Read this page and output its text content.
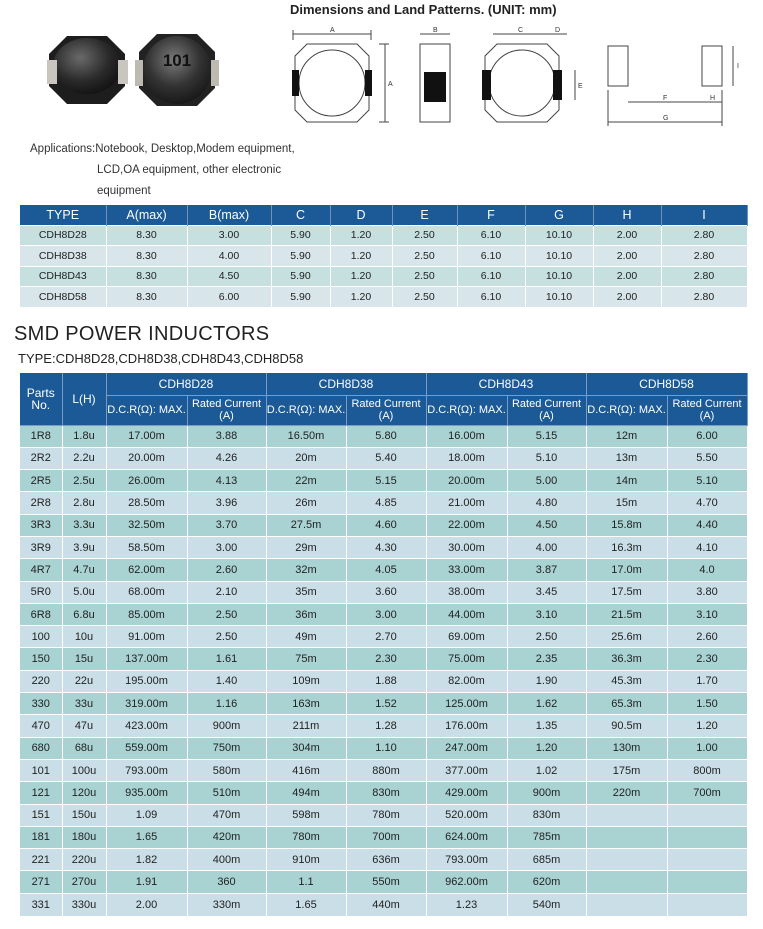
Dimensions and Land Patterns. (UNIT: mm)
101
A
A
B	C	D
E
F
G
H
I
Applications:Notebook, Desktop,Modem equipment,
LCD,OA equipment, other electronic
equipment
TYPE	A(max)	B(max)	C	D	E	F	G	H	I
CDH8D28	8.30	3.00	5.90	1.20	2.50	6.10	10.10	2.00	2.80
CDH8D38	8.30	4.00	5.90	1.20	2.50	6.10	10.10	2.00	2.80
CDH8D43	8.30	4.50	5.90	1.20	2.50	6.10	10.10	2.00	2.80
CDH8D58	8.30	6.00	5.90	1.20	2.50	6.10	10.10	2.00	2.80
SMD POWER INDUCTORS
TYPE:CDH8D28,CDH8D38,CDH8D43,CDH8D58
Parts No.	L(H)	CDH8D28		CDH8D38		CDH8D43		CDH8D58	
		D.C.R(Ω): MAX.	Rated Current (A)	D.C.R(Ω): MAX.	Rated Current (A)	D.C.R(Ω): MAX.	Rated Current (A)	D.C.R(Ω): MAX.	Rated Current (A)
1R8	1.8u	17.00m	3.88	16.50m	5.80	16.00m	5.15	12m	6.00
2R2	2.2u	20.00m	4.26	20m	5.40	18.00m	5.10	13m	5.50
2R5	2.5u	26.00m	4.13	22m	5.15	20.00m	5.00	14m	5.10
2R8	2.8u	28.50m	3.96	26m	4.85	21.00m	4.80	15m	4.70
3R3	3.3u	32.50m	3.70	27.5m	4.60	22.00m	4.50	15.8m	4.40
3R9	3.9u	58.50m	3.00	29m	4.30	30.00m	4.00	16.3m	4.10
4R7	4.7u	62.00m	2.60	32m	4.05	33.00m	3.87	17.0m	4.0
5R0	5.0u	68.00m	2.10	35m	3.60	38.00m	3.45	17.5m	3.80
6R8	6.8u	85.00m	2.50	36m	3.00	44.00m	3.10	21.5m	3.10
100	10u	91.00m	2.50	49m	2.70	69.00m	2.50	25.6m	2.60
150	15u	137.00m	1.61	75m	2.30	75.00m	2.35	36.3m	2.30
220	22u	195.00m	1.40	109m	1.88	82.00m	1.90	45.3m	1.70
330	33u	319.00m	1.16	163m	1.52	125.00m	1.62	65.3m	1.50
470	47u	423.00m	900m	211m	1.28	176.00m	1.35	90.5m	1.20
680	68u	559.00m	750m	304m	1.10	247.00m	1.20	130m	1.00
101	100u	793.00m	580m	416m	880m	377.00m	1.02	175m	800m
121	120u	935.00m	510m	494m	830m	429.00m	900m	220m	700m
151	150u	1.09	470m	598m	780m	520.00m	830m		
181	180u	1.65	420m	780m	700m	624.00m	785m		
221	220u	1.82	400m	910m	636m	793.00m	685m		
271	270u	1.91	360	1.1	550m	962.00m	620m		
331	330u	2.00	330m	1.65	440m	1.23	540m		
